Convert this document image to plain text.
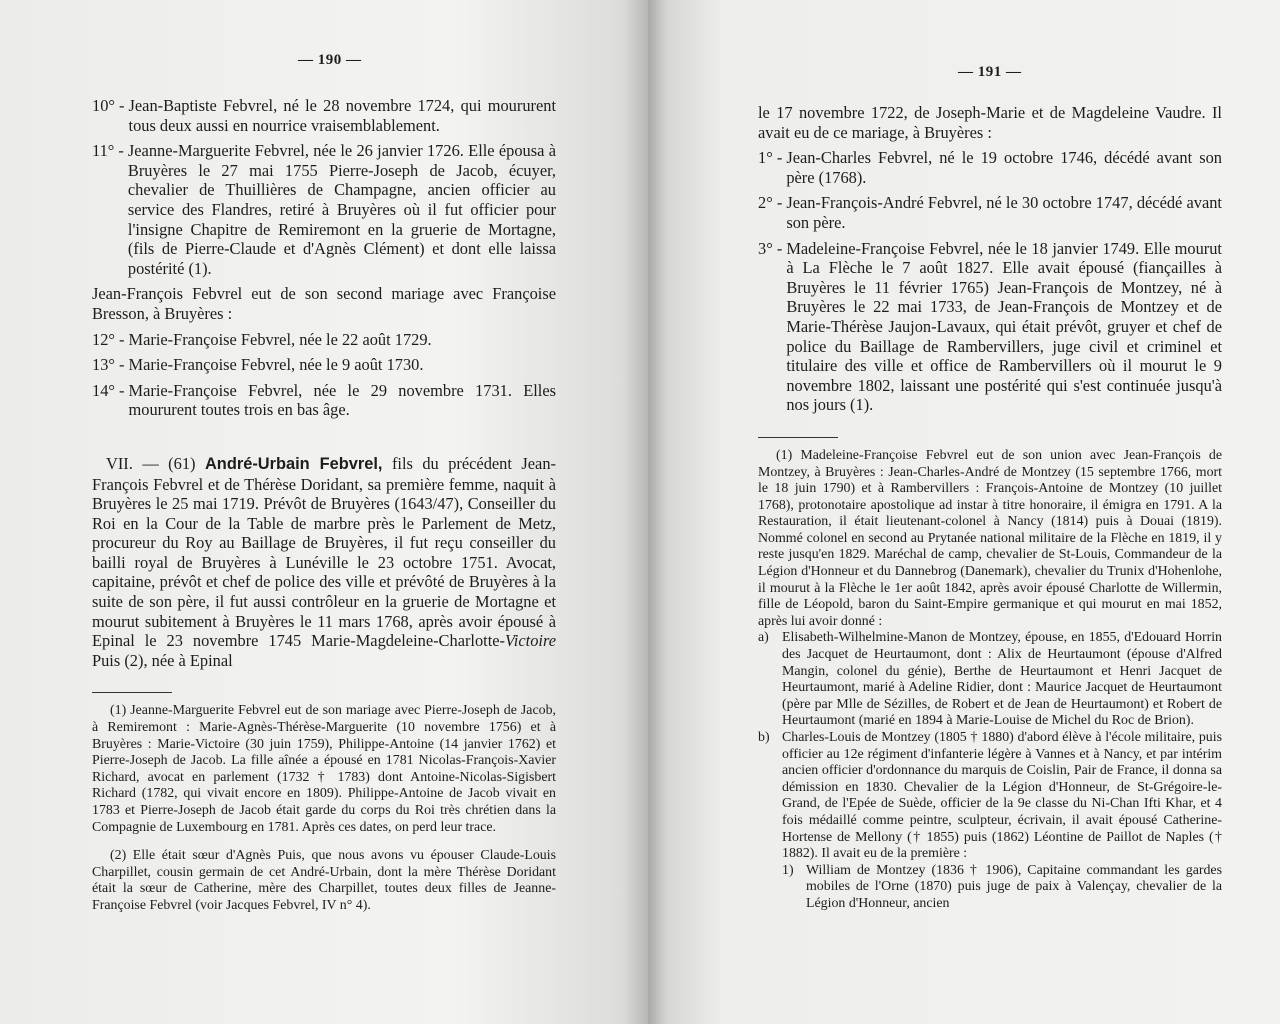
— 190 —
10° - Jean-Baptiste Febvrel, né le 28 novembre 1724, qui moururent tous deux aussi en nourrice vraisemblablement.
11° - Jeanne-Marguerite Febvrel, née le 26 janvier 1726. Elle épousa à Bruyères le 27 mai 1755 Pierre-Joseph de Jacob, écuyer, chevalier de Thuillières de Champagne, ancien officier au service des Flandres, retiré à Bruyères où il fut officier pour l'insigne Chapitre de Remiremont en la gruerie de Mortagne, (fils de Pierre-Claude et d'Agnès Clément) et dont elle laissa postérité (1).

Jean-François Febvrel eut de son second mariage avec Françoise Bresson, à Bruyères :

12° - Marie-Françoise Febvrel, née le 22 août 1729.
13° - Marie-Françoise Febvrel, née le 9 août 1730.
14° - Marie-Françoise Febvrel, née le 29 novembre 1731. Elles moururent toutes trois en bas âge.

VII. — (61) André-Urbain Febvrel, fils du précédent Jean-François Febvrel et de Thérèse Doridant, sa première femme, naquit à Bruyères le 25 mai 1719. Prévôt de Bruyères (1643/47), Conseiller du Roi en la Cour de la Table de marbre près le Parlement de Metz, procureur du Roy au Baillage de Bruyères, il fut reçu conseiller du bailli royal de Bruyères à Lunéville le 23 octobre 1751. Avocat, capitaine, prévôt et chef de police des ville et prévôté de Bruyères à la suite de son père, il fut aussi contrôleur en la gruerie de Mortagne et mourut subitement à Bruyères le 11 mars 1768, après avoir épousé à Epinal le 23 novembre 1745 Marie-Magdeleine-Charlotte-Victoire Puis (2), née à Epinal

(1) Jeanne-Marguerite Febvrel eut de son mariage avec Pierre-Joseph de Jacob, à Remiremont : Marie-Agnès-Thérèse-Marguerite (10 novembre 1756) et à Bruyères : Marie-Victoire (30 juin 1759), Philippe-Antoine (14 janvier 1762) et Pierre-Joseph de Jacob. La fille aînée a épousé en 1781 Nicolas-François-Xavier Richard, avocat en parlement (1732 † 1783) dont Antoine-Nicolas-Sigisbert Richard (1782, qui vivait encore en 1809). Philippe-Antoine de Jacob vivait en 1783 et Pierre-Joseph de Jacob était garde du corps du Roi très chrétien dans la Compagnie de Luxembourg en 1781. Après ces dates, on perd leur trace.

(2) Elle était sœur d'Agnès Puis, que nous avons vu épouser Claude-Louis Charpillet, cousin germain de cet André-Urbain, dont la mère Thérèse Doridant était la sœur de Catherine, mère des Charpillet, toutes deux filles de Jeanne-Françoise Febvrel (voir Jacques Febvrel, IV n° 4).

— 191 —

le 17 novembre 1722, de Joseph-Marie et de Magdeleine Vaudre. Il avait eu de ce mariage, à Bruyères :

1° - Jean-Charles Febvrel, né le 19 octobre 1746, décédé avant son père (1768).
2° - Jean-François-André Febvrel, né le 30 octobre 1747, décédé avant son père.
3° - Madeleine-Françoise Febvrel, née le 18 janvier 1749. Elle mourut à La Flèche le 7 août 1827. Elle avait épousé (fiançailles à Bruyères le 11 février 1765) Jean-François de Montzey, né à Bruyères le 22 mai 1733, de Jean-François de Montzey et de Marie-Thérèse Jaujon-Lavaux, qui était prévôt, gruyer et chef de police du Baillage de Rambervillers, juge civil et criminel et titulaire des ville et office de Rambervillers où il mourut le 9 novembre 1802, laissant une postérité qui s'est continuée jusqu'à nos jours (1).

(1) Madeleine-Françoise Febvrel eut de son union avec Jean-François de Montzey, à Bruyères : Jean-Charles-André de Montzey (15 septembre 1766, mort le 18 juin 1790) et à Rambervillers : François-Antoine de Montzey (10 juillet 1768), protonotaire apostolique ad instar à titre honoraire, il émigra en 1791. A la Restauration, il était lieutenant-colonel à Nancy (1814) puis à Douai (1819). Nommé colonel en second au Prytanée national militaire de la Flèche en 1819, il y reste jusqu'en 1829. Maréchal de camp, chevalier de St-Louis, Commandeur de la Légion d'Honneur et du Dannebrog (Danemark), chevalier du Trunix d'Hohenlohe, il mourut à la Flèche le 1er août 1842, après avoir épousé Charlotte de Willermin, fille de Léopold, baron du Saint-Empire germanique et qui mourut en mai 1852, après lui avoir donné :

a) Elisabeth-Wilhelmine-Manon de Montzey, épouse, en 1855, d'Edouard Horrin des Jacquet de Heurtaumont, dont : Alix de Heurtaumont (épouse d'Alfred Mangin, colonel du génie), Berthe de Heurtaumont et Henri Jacquet de Heurtaumont, marié à Adeline Ridier, dont : Maurice Jacquet de Heurtaumont (père par Mlle de Sézilles, de Robert et de Jean de Heurtaumont) et Robert de Heurtaumont (marié en 1894 à Marie-Louise de Michel du Roc de Brion).
b) Charles-Louis de Montzey (1805 † 1880) d'abord élève à l'école militaire, puis officier au 12e régiment d'infanterie légère à Vannes et à Nancy, et par intérim ancien officier d'ordonnance du marquis de Coislin, Pair de France, il donna sa démission en 1830. Chevalier de la Légion d'Honneur, de St-Grégoire-le-Grand, de l'Epée de Suède, officier de la 9e classe du Ni-Chan Ifti Khar, et 4 fois médaillé comme peintre, sculpteur, écrivain, il avait épousé Catherine-Hortense de Mellony († 1855) puis (1862) Léontine de Paillot de Naples († 1882). Il avait eu de la première :
1) William de Montzey (1836 † 1906), Capitaine commandant les gardes mobiles de l'Orne (1870) puis juge de paix à Valençay, chevalier de la Légion d'Honneur, ancien
